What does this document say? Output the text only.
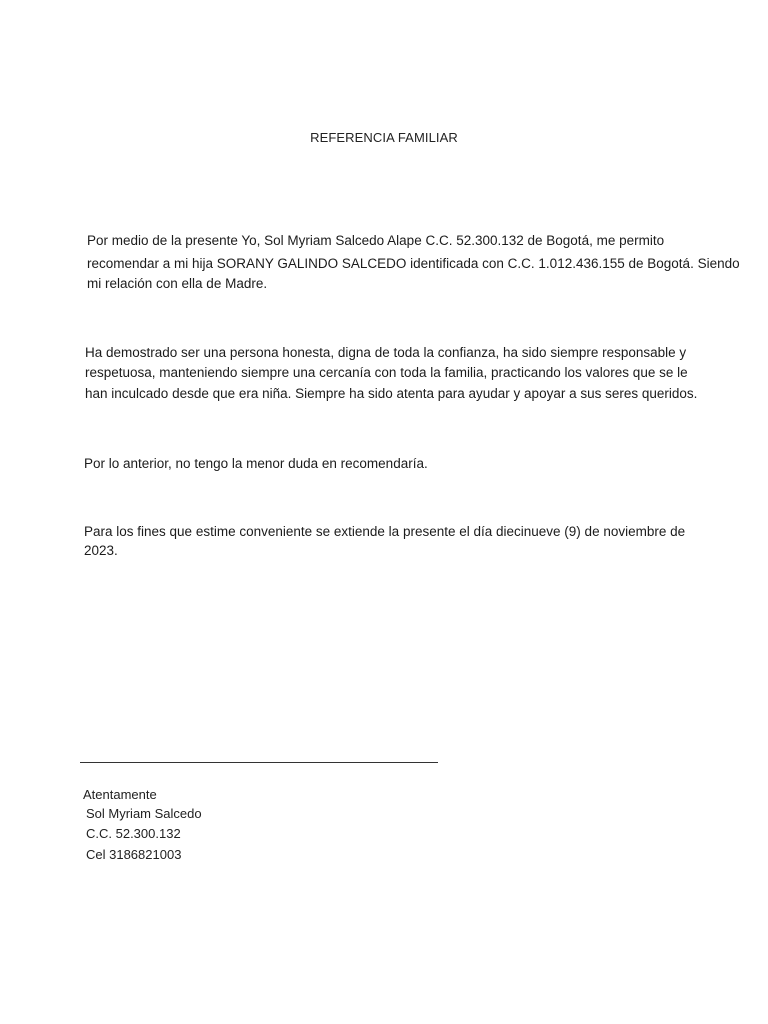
REFERENCIA FAMILIAR
Por medio de la presente Yo, Sol Myriam Salcedo Alape C.C. 52.300.132 de Bogotá, me permito
recomendar a mi hija SORANY GALINDO SALCEDO identificada con C.C. 1.012.436.155 de Bogotá. Siendo
mi relación con ella de Madre.
Ha demostrado ser una persona honesta, digna de toda la confianza, ha sido siempre responsable y
respetuosa, manteniendo siempre una cercanía con toda la familia, practicando los valores que se le
han inculcado desde que era niña. Siempre ha sido atenta para ayudar y apoyar a sus seres queridos.
Por lo anterior, no tengo la menor duda en recomendaría.
Para los fines que estime conveniente se extiende la presente el día diecinueve (9) de noviembre de
2023.
Atentamente
Sol Myriam Salcedo
C.C. 52.300.132
Cel 3186821003
